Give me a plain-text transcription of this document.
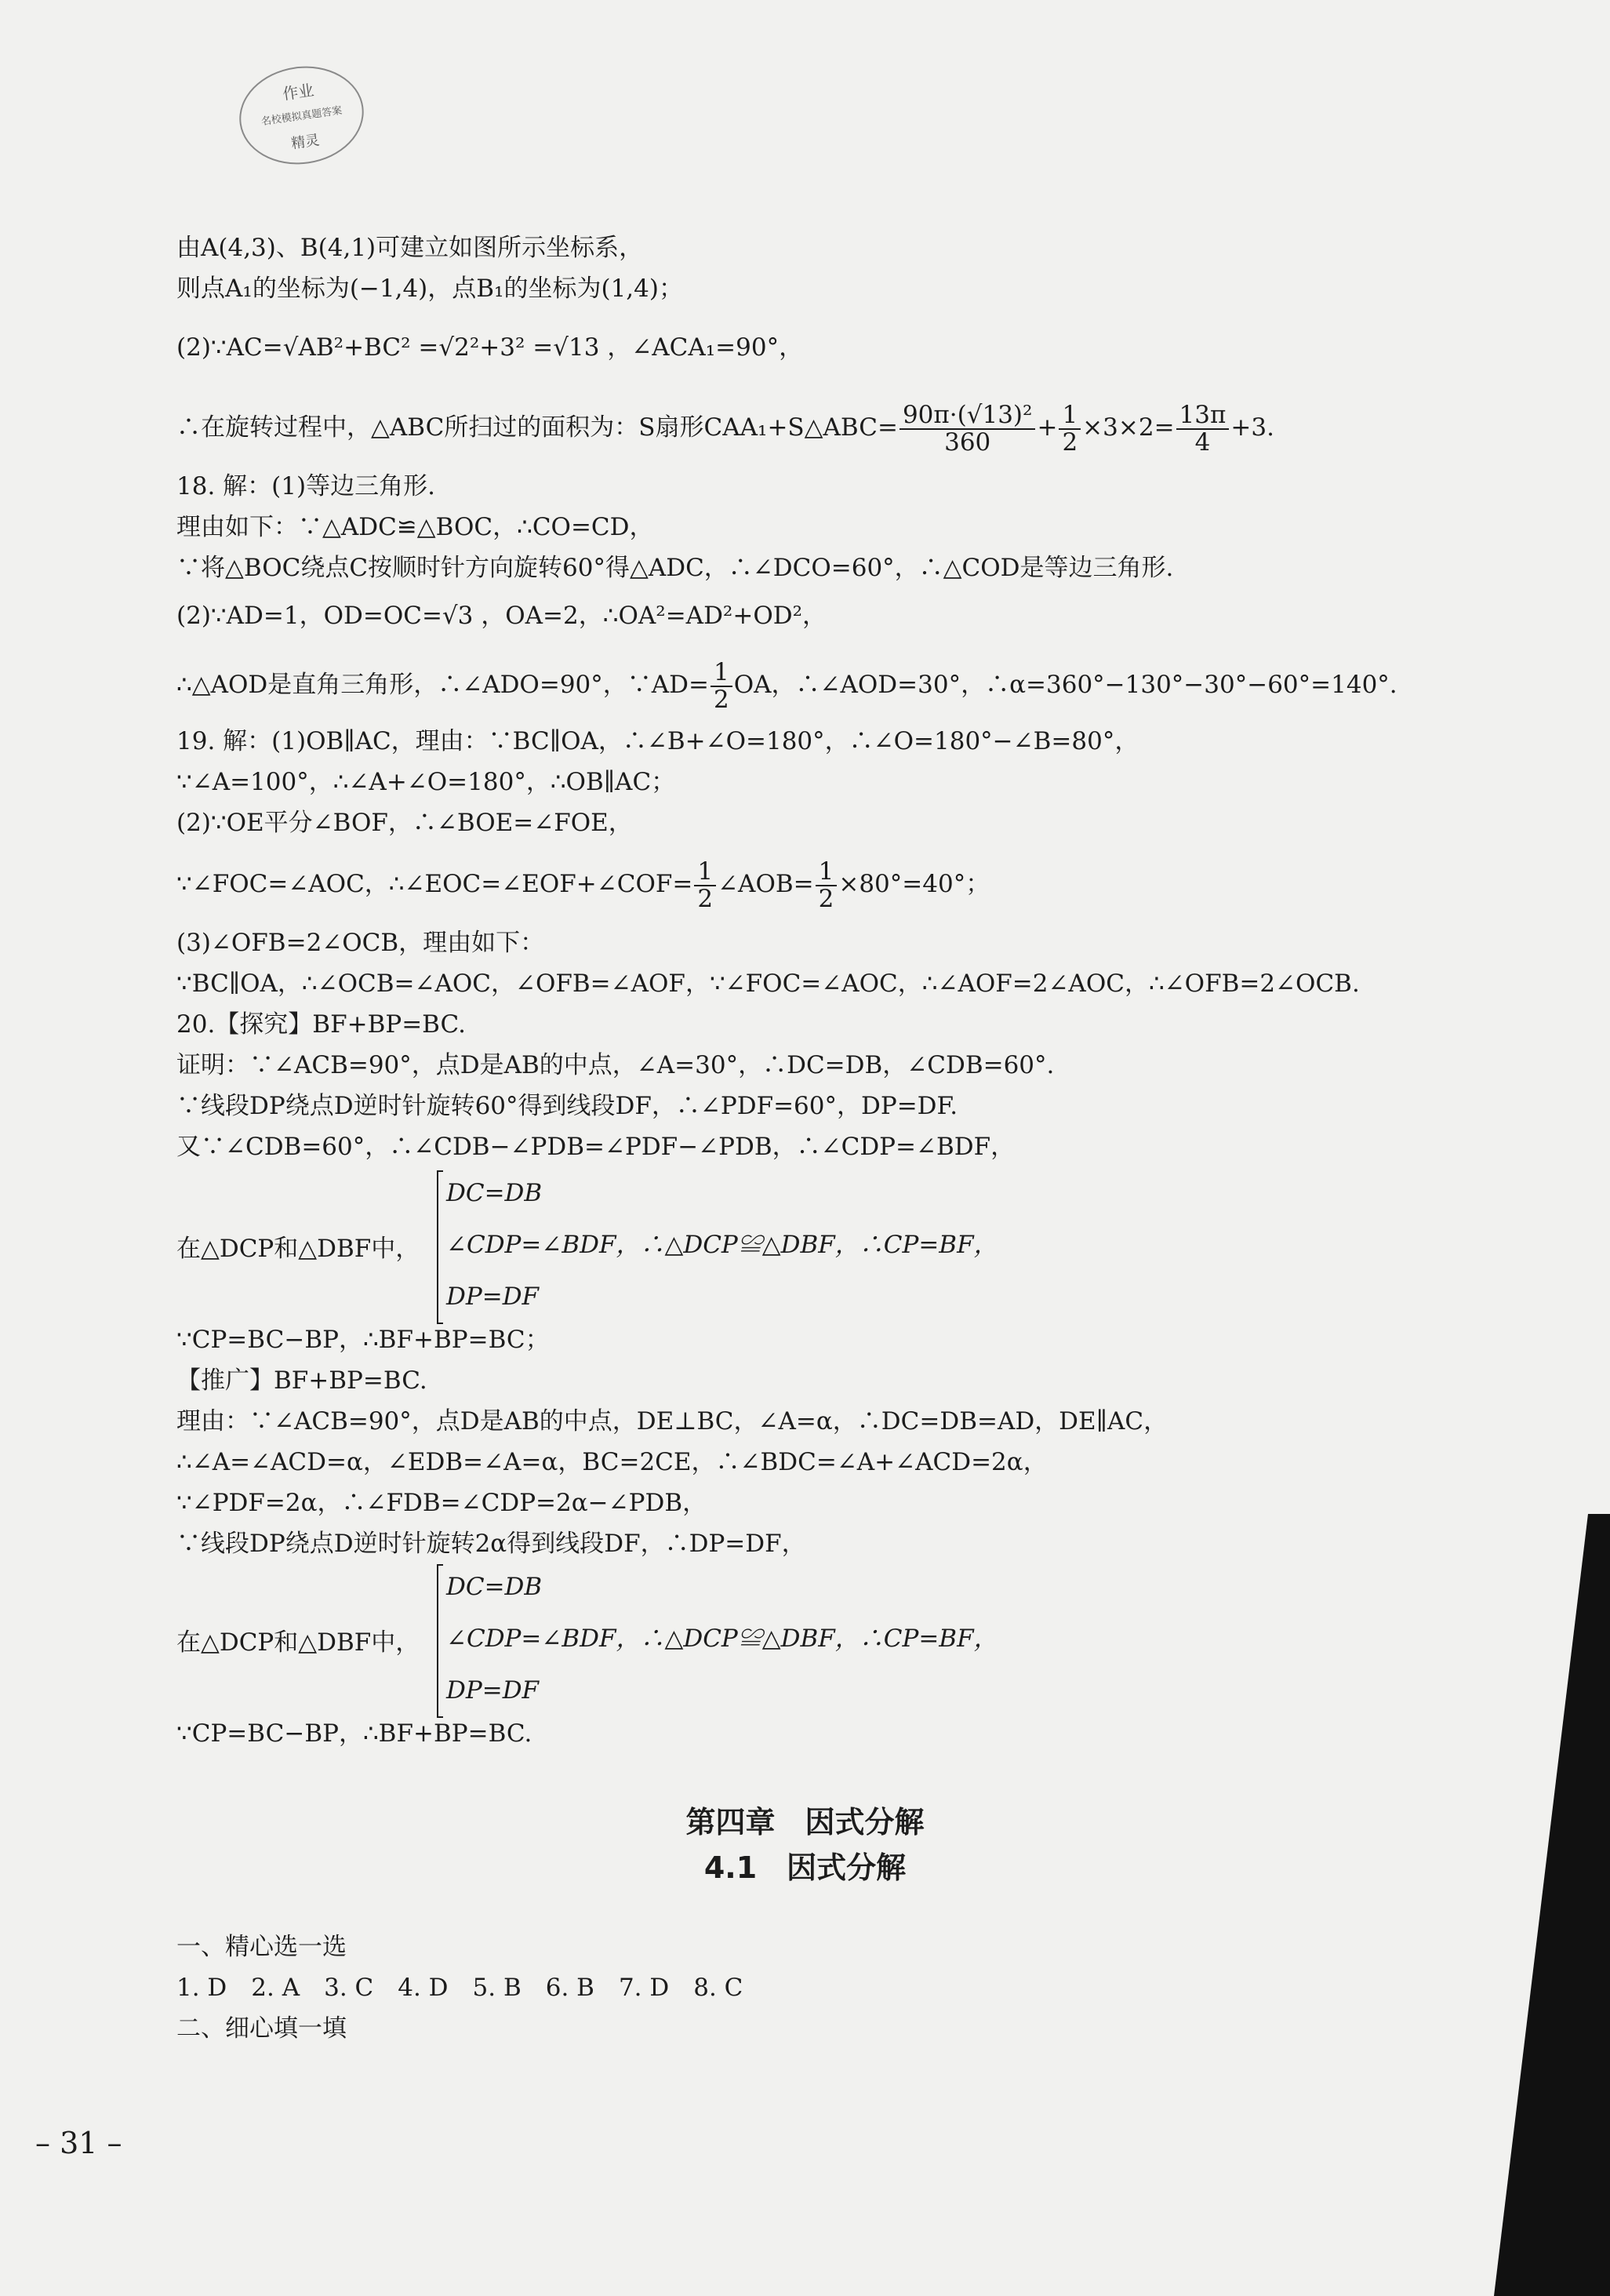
作业
名校模拟真题答案
精灵
由A(4,3)、B(4,1)可建立如图所示坐标系，
则点A₁的坐标为(−1,4)，点B₁的坐标为(1,4)；
(2)∵AC=√AB²+BC² =√2²+3² =√13 ，∠ACA₁=90°，
∴在旋转过程中，△ABC所扫过的面积为：S扇形CAA₁+S△ABC= $\frac{\text{90π·(√13)²}}{360} + \frac{1}{2} \times 3\times 2= \frac{13\pi}{4} +3$.
18. 解：(1)等边三角形.
理由如下：∵△ADC≌△BOC，∴CO=CD，
∵将△BOC绕点C按顺时针方向旋转60°得△ADC，∴∠DCO=60°，∴△COD是等边三角形.
(2)∵AD=1，OD=OC=√3 ，OA=2，∴OA²=AD²+OD²，
∴△AOD是直角三角形，∴∠ADO=90°，∵AD= $\frac{1}{2}$ OA，∴∠AOD=30°，∴α=360°−130°−30°−60°=140°.
19. 解：(1)OB∥AC，理由：∵BC∥OA，∴∠B+∠O=180°，∴∠O=180°−∠B=80°，
∵∠A=100°，∴∠A+∠O=180°，∴OB∥AC；
(2)∵OE平分∠BOF，∴∠BOE=∠FOE，
∵∠FOC=∠AOC，∴∠EOC=∠EOF+∠COF= $\frac{1}{2}$ ∠AOB= $\frac{1}{2} \times 80^\circ=40^\circ$；
(3)∠OFB=2∠OCB，理由如下：
∵BC∥OA，∴∠OCB=∠AOC，∠OFB=∠AOF，∵∠FOC=∠AOC，∴∠AOF=2∠AOC，∴∠OFB=2∠OCB.
20.【探究】BF+BP=BC.
证明：∵∠ACB=90°，点D是AB的中点，∠A=30°，∴DC=DB，∠CDB=60°.
∵线段DP绕点D逆时针旋转60°得到线段DF，∴∠PDF=60°，DP=DF.
又∵∠CDB=60°，∴∠CDB−∠PDB=∠PDF−∠PDB，∴∠CDP=∠BDF，
在△DCP和△DBF中，
DC=DB
∠CDP=∠BDF，∴△DCP≌△DBF，∴CP=BF，
DP=DF
∵CP=BC−BP，∴BF+BP=BC；
【推广】BF+BP=BC.
理由：∵∠ACB=90°，点D是AB的中点，DE⊥BC，∠A=α，∴DC=DB=AD，DE∥AC，
∴∠A=∠ACD=α，∠EDB=∠A=α，BC=2CE，∴∠BDC=∠A+∠ACD=2α，
∵∠PDF=2α，∴∠FDB=∠CDP=2α−∠PDB，
∵线段DP绕点D逆时针旋转2α得到线段DF，∴DP=DF，
在△DCP和△DBF中，
DC=DB
∠CDP=∠BDF，∴△DCP≌△DBF，∴CP=BF，
DP=DF
∵CP=BC−BP，∴BF+BP=BC.
第四章　因式分解
4.1　因式分解
一、精心选一选
1. D　2. A　3. C　4. D　5. B　6. B　7. D　8. C
二、细心填一填
– 31 –
